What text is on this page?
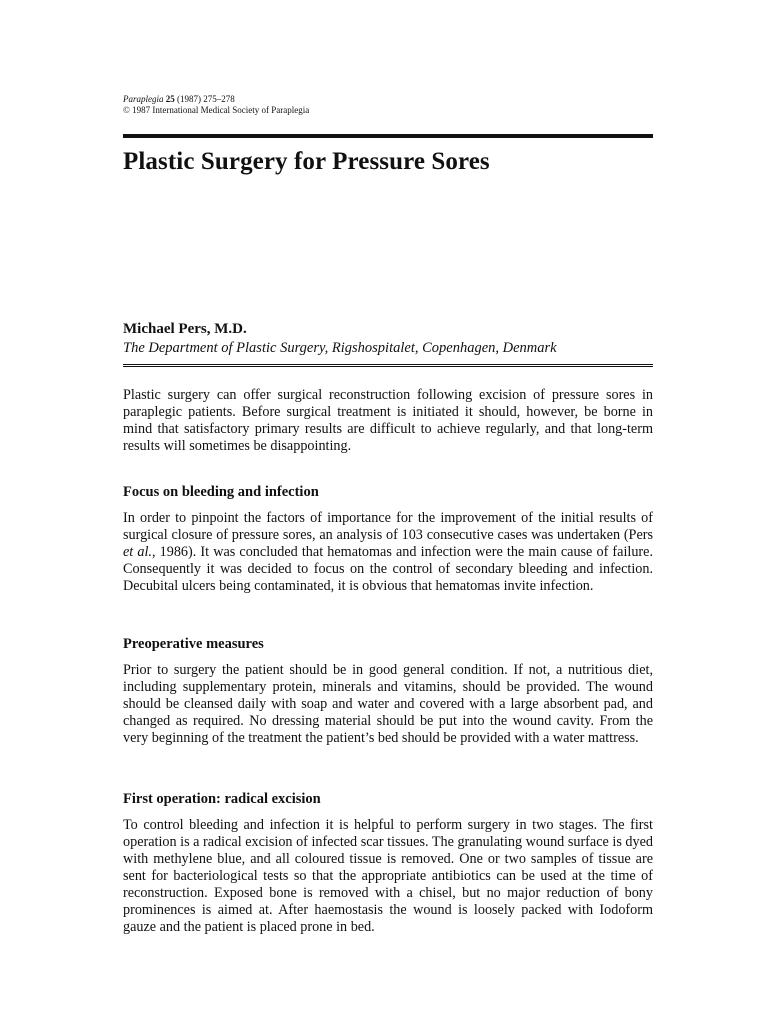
Paraplegia 25 (1987) 275–278
© 1987 International Medical Society of Paraplegia
Plastic Surgery for Pressure Sores
Michael Pers, M.D.
The Department of Plastic Surgery, Rigshospitalet, Copenhagen, Denmark

Plastic surgery can offer surgical reconstruction following excision of pressure sores in paraplegic patients. Before surgical treatment is initiated it should, however, be borne in mind that satisfactory primary results are difficult to achieve regularly, and that long-term results will sometimes be disappointing.

Focus on bleeding and infection

In order to pinpoint the factors of importance for the improvement of the initial results of surgical closure of pressure sores, an analysis of 103 consecutive cases was undertaken (Pers et al., 1986). It was concluded that hematomas and infection were the main cause of failure. Consequently it was decided to focus on the control of secondary bleeding and infection. Decubital ulcers being contaminated, it is obvious that hematomas invite infection.

Preoperative measures

Prior to surgery the patient should be in good general condition. If not, a nutritious diet, including supplementary protein, minerals and vitamins, should be provided. The wound should be cleansed daily with soap and water and covered with a large absorbent pad, and changed as required. No dressing material should be put into the wound cavity. From the very beginning of the treatment the patient’s bed should be provided with a water mattress.

First operation: radical excision

To control bleeding and infection it is helpful to perform surgery in two stages. The first operation is a radical excision of infected scar tissues. The granulating wound surface is dyed with methylene blue, and all coloured tissue is removed. One or two samples of tissue are sent for bacteriological tests so that the appropriate antibiotics can be used at the time of reconstruction. Exposed bone is removed with a chisel, but no major reduction of bony prominences is aimed at. After haemostasis the wound is loosely packed with Iodoform gauze and the patient is placed prone in bed.
